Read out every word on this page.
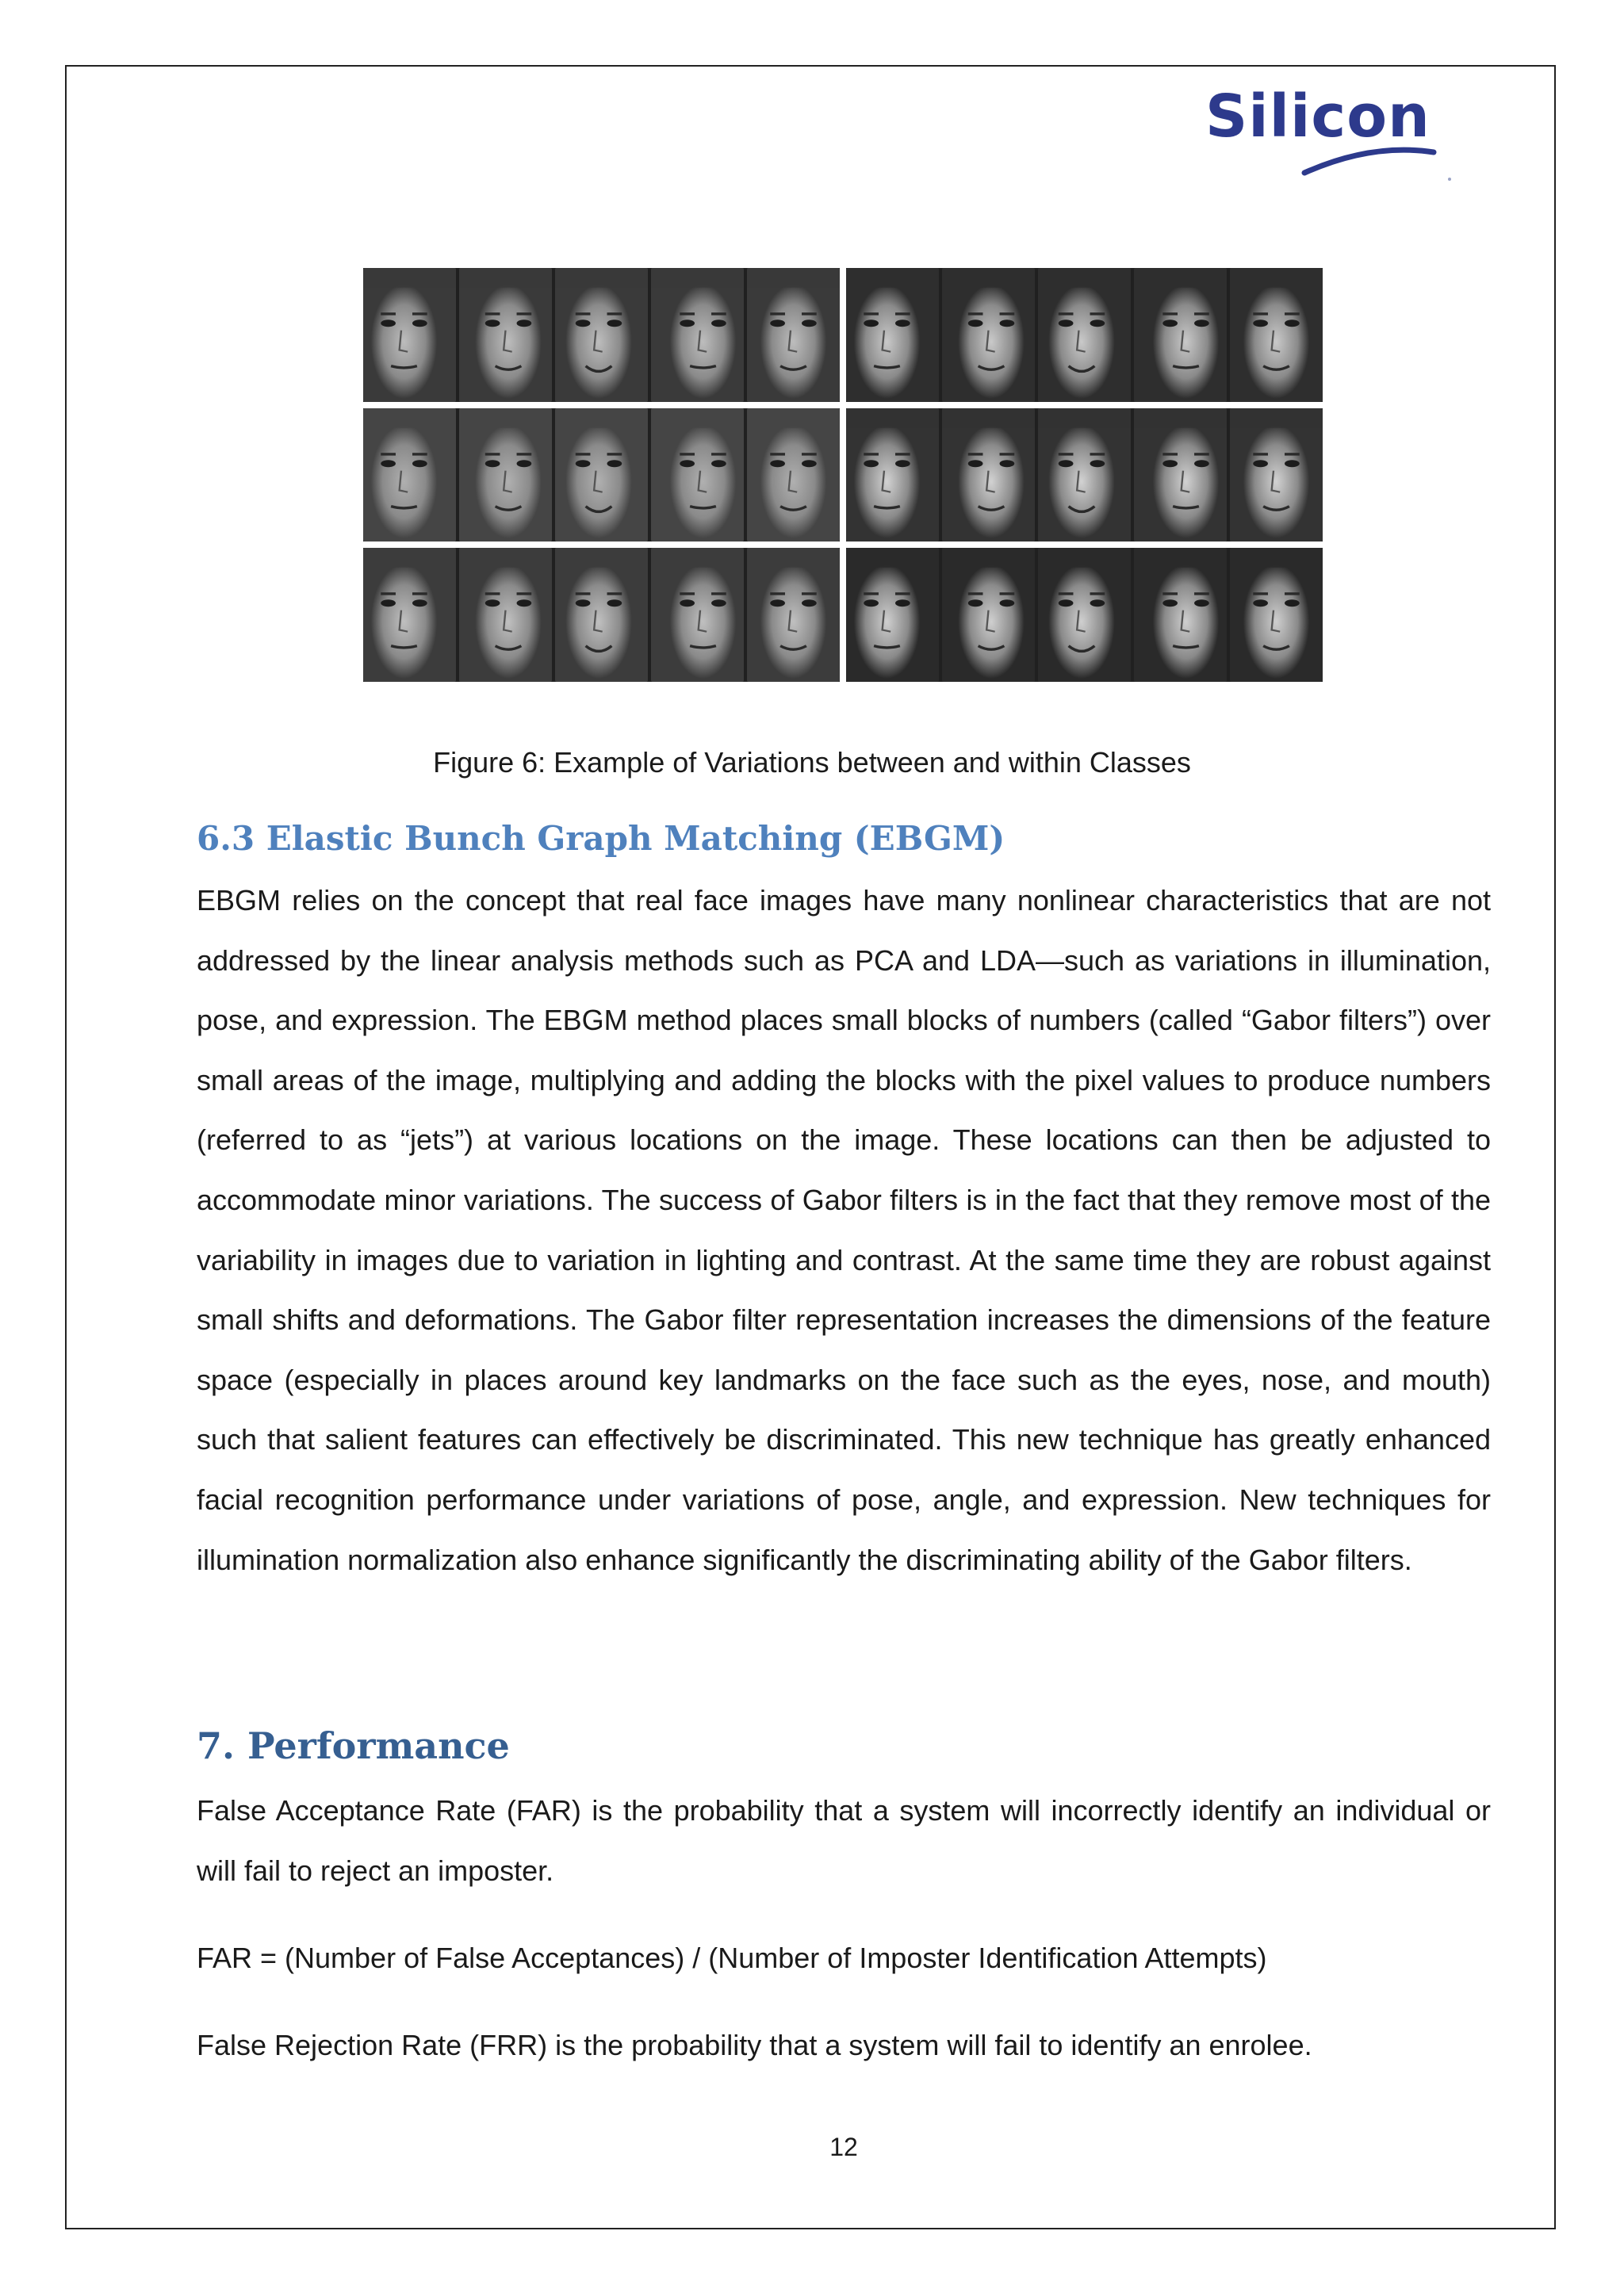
Silicon
Figure 6: Example of Variations between and within Classes
6.3 Elastic Bunch Graph Matching (EBGM)

EBGM relies on the concept that real face images have many nonlinear characteristics that are not addressed by the linear analysis methods such as PCA and LDA—such as variations in illumination, pose, and expression. The EBGM method places small blocks of numbers (called “Gabor filters”) over small areas of the image, multiplying and adding the blocks with the pixel values to produce numbers (referred to as “jets”) at various locations on the image. These locations can then be adjusted to accommodate minor variations. The success of Gabor filters is in the fact that they remove most of the variability in images due to variation in lighting and contrast. At the same time they are robust against small shifts and deformations. The Gabor filter representation increases the dimensions of the feature space (especially in places around key landmarks on the face such as the eyes, nose, and mouth) such that salient features can effectively be discriminated. This new technique has greatly enhanced facial recognition performance under variations of pose, angle, and expression. New techniques for illumination normalization also enhance significantly the discriminating ability of the Gabor filters.

7. Performance

False Acceptance Rate (FAR) is the probability that a system will incorrectly identify an individual or will fail to reject an imposter.

FAR = (Number of False Acceptances) / (Number of Imposter Identification Attempts)
False Rejection Rate (FRR) is the probability that a system will fail to identify an enrolee.
12
